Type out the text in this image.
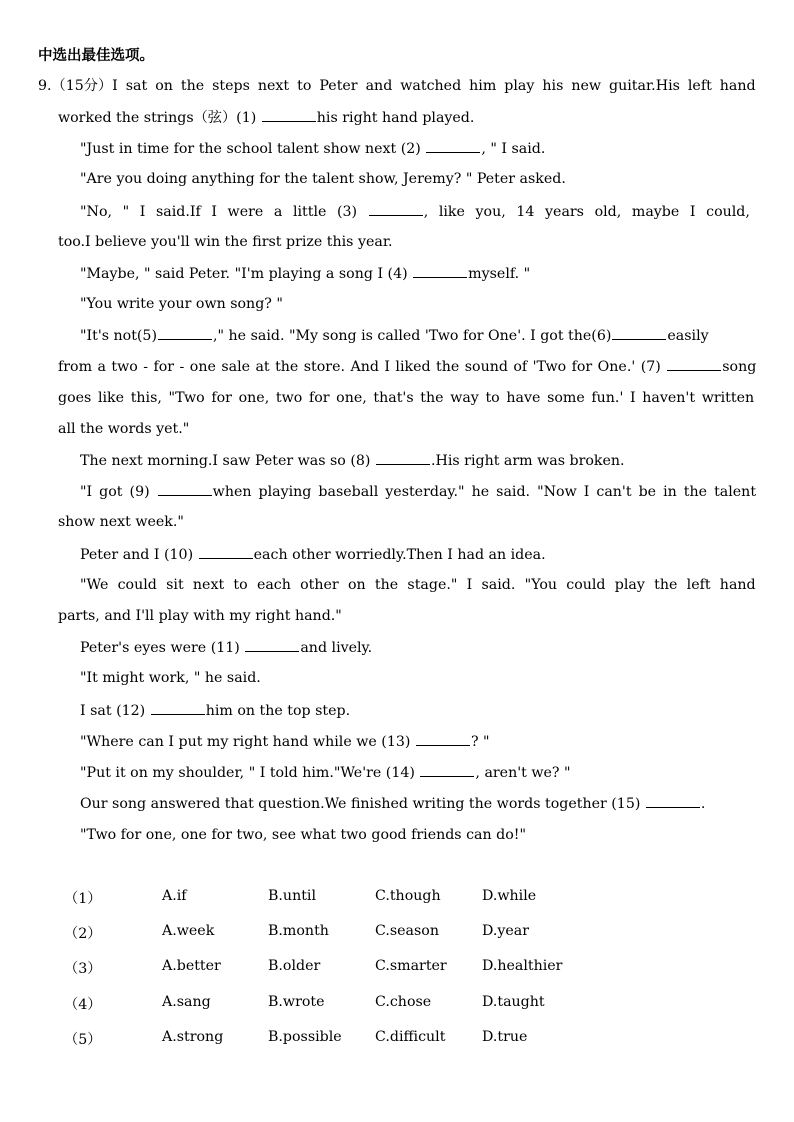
中选出最佳选项。
9.（15分）I sat on the steps next to Peter and watched him play his new guitar.His left hand
worked the strings（弦）(1)	his right hand played.
"Just in time for the school talent show next (2)	, " I said.
"Are you doing anything for the talent show, Jeremy? " Peter asked.
"No, " I said.If I were a little (3)	, like you, 14 years old, maybe I could,
too.I believe you'll win the first prize this year.
"Maybe, " said Peter. "I'm playing a song I (4)	myself. "
"You write your own song? "
"It's not(5)	," he said. "My song is called 'Two for One'. I got the(6)	easily
from a two - for - one sale at the store. And I liked the sound of 'Two for One.' (7)	song
goes like this, "Two for one, two for one, that's the way to have some fun.' I haven't written
all the words yet."
The next morning.I saw Peter was so (8)	.His right arm was broken.
"I got (9)	when playing baseball yesterday." he said. "Now I can't be in the talent
show next week."
Peter and I (10)	each other worriedly.Then I had an idea.
"We could sit next to each other on the stage." I said. "You could play the left hand
parts, and I'll play with my right hand."
Peter's eyes were (11)	and lively.
"It might work, " he said.
I sat (12)	him on the top step.
"Where can I put my right hand while we (13)	? "
"Put it on my shoulder, " I told him."We're (14)	, aren't we? "
Our song answered that question.We finished writing the words together (15)	.
"Two for one, one for two, see what two good friends can do!"
（1）	A.if	B.until	C.though	D.while
（2）	A.week	B.month	C.season	D.year
（3）	A.better	B.older	C.smarter D.healthier
（4）	A.sang	B.wrote	C.chose	D.taught
（5）	A.strong	B.possible C.difficult	D.true
